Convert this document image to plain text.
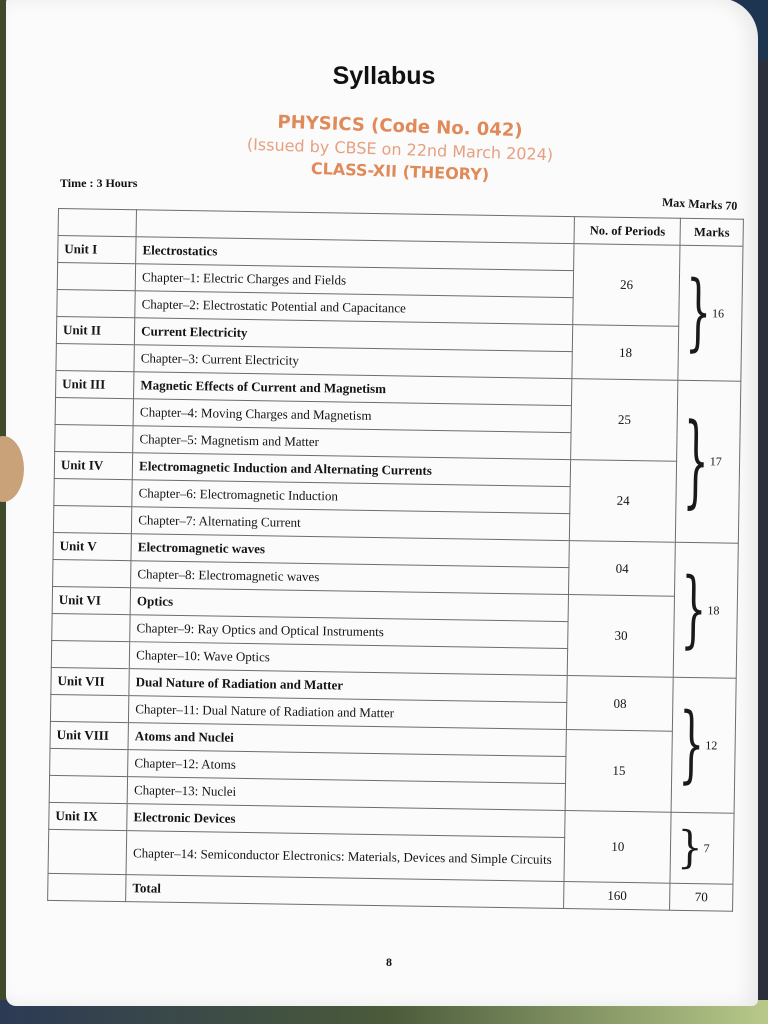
Syllabus
PHYSICS (Code No. 042)
(Issued by CBSE on 22nd March 2024)
CLASS-XII (THEORY)
Time : 3 Hours
Max Marks 70
		No. of Periods	Marks
Unit I	Electrostatics	26	} 16

	Chapter–1: Electric Charges and Fields		
	Chapter–2: Electrostatic Potential and Capacitance		
Unit II	Current Electricity	18	
	Chapter–3: Current Electricity		
Unit III	Magnetic Effects of Current and Magnetism	25	} 17

	Chapter–4: Moving Charges and Magnetism		
	Chapter–5: Magnetism and Matter		
Unit IV	Electromagnetic Induction and Alternating Currents	24	
	Chapter–6: Electromagnetic Induction		
	Chapter–7: Alternating Current		
Unit V	Electromagnetic waves	04	} 18

	Chapter–8: Electromagnetic waves		
Unit VI	Optics	30	
	Chapter–9: Ray Optics and Optical Instruments		
	Chapter–10: Wave Optics		
Unit VII	Dual Nature of Radiation and Matter	08	} 12

	Chapter–11: Dual Nature of Radiation and Matter		
Unit VIII	Atoms and Nuclei	15	
	Chapter–12: Atoms		
	Chapter–13: Nuclei		
Unit IX	Electronic Devices	10	} 7

	Chapter–14: Semiconductor Electronics: Materials, Devices and Simple Circuits		
	Total	160	70
8
